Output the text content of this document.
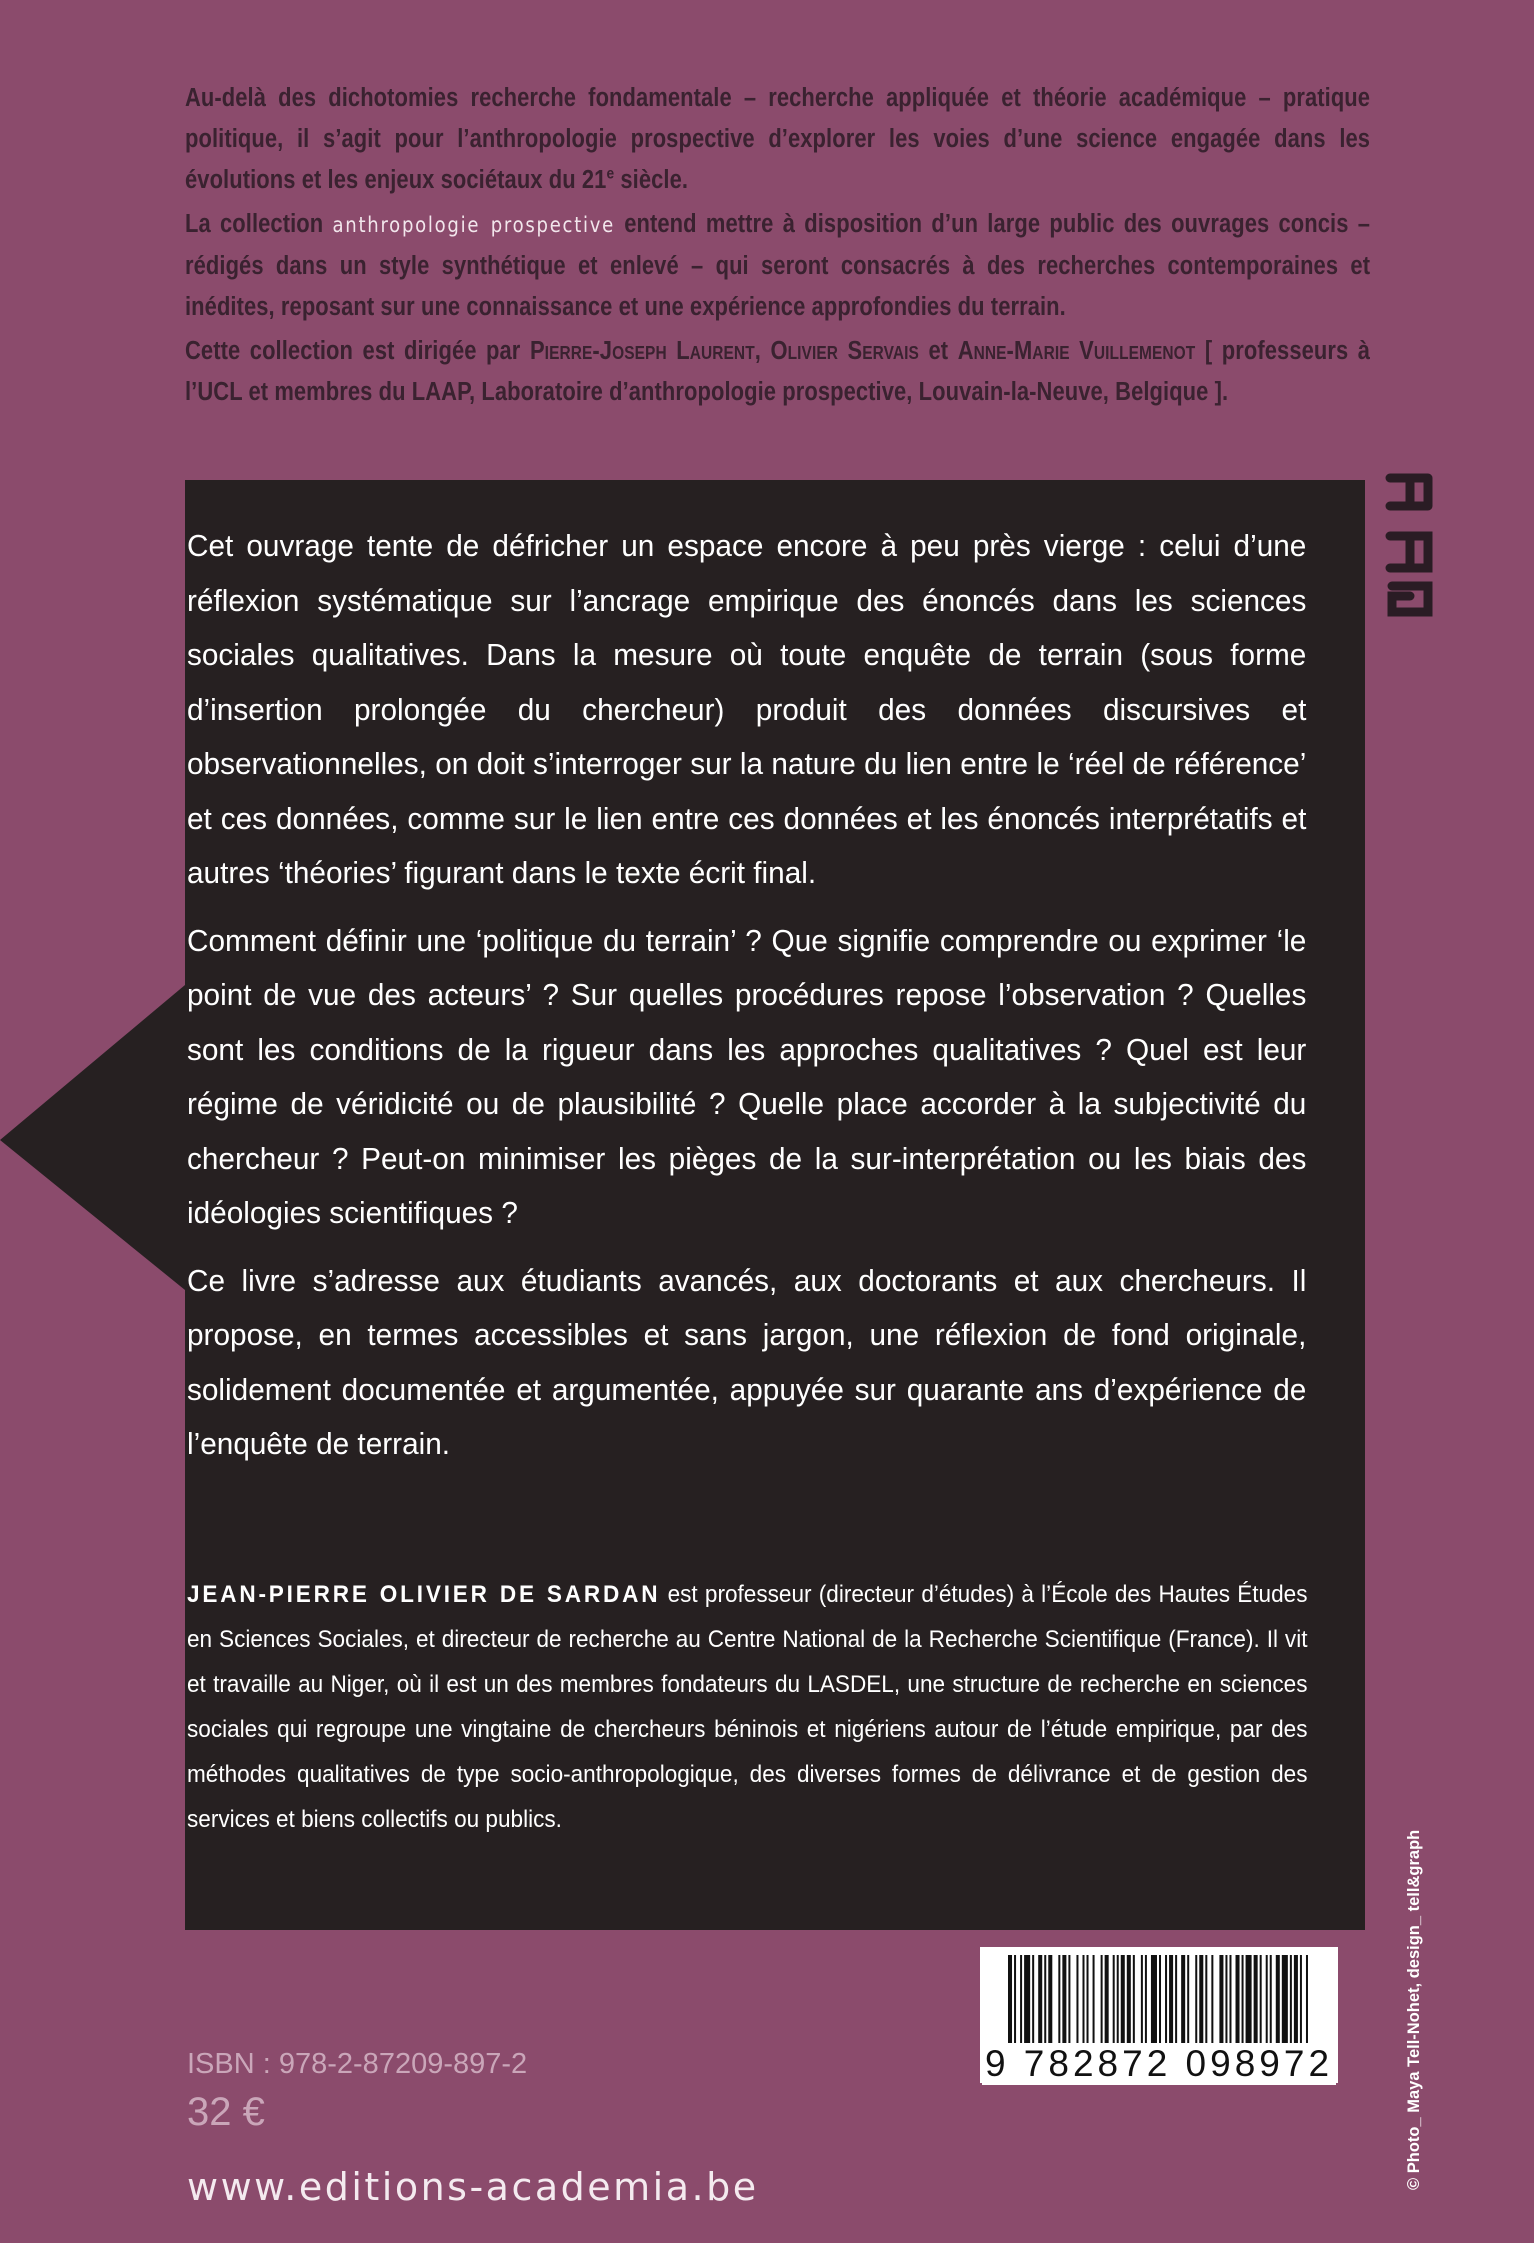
Au-delà des dichotomies recherche fondamentale – recherche appliquée et théorie académique – pratique politique, il s’agit pour l’anthropologie prospective d’explorer les voies d’une science engagée dans les évolutions et les enjeux sociétaux du 21e siècle.

La collection anthropologie prospective entend mettre à disposition d’un large public des ouvrages concis – rédigés dans un style synthétique et enlevé – qui seront consacrés à des recherches contemporaines et inédites, reposant sur une connaissance et une expérience approfondies du terrain.

Cette collection est dirigée par Pierre-Joseph Laurent, Olivier Servais et Anne-Marie Vuillemenot [ professeurs à l’UCL et membres du LAAP, Laboratoire d’anthropologie prospective, Louvain-la-Neuve, Belgique ].

Cet ouvrage tente de défricher un espace encore à peu près vierge : celui d’une réflexion systématique sur l’ancrage empirique des énoncés dans les sciences sociales qualitatives. Dans la mesure où toute enquête de terrain (sous forme d’insertion prolongée du chercheur) produit des données discursives et observationnelles, on doit s’interroger sur la nature du lien entre le ‘réel de référence’ et ces données, comme sur le lien entre ces données et les énoncés interprétatifs et autres ‘théories’ figurant dans le texte écrit final.

Comment définir une ‘politique du terrain’ ? Que signifie comprendre ou exprimer ‘le point de vue des acteurs’ ? Sur quelles procédures repose l’observation ? Quelles sont les conditions de la rigueur dans les approches qualitatives ? Quel est leur régime de véridicité ou de plausibilité ? Quelle place accorder à la subjectivité du chercheur ? Peut-on minimiser les pièges de la sur-interprétation ou les biais des idéologies scientifiques ?

Ce livre s’adresse aux étudiants avancés, aux doctorants et aux chercheurs. Il propose, en termes accessibles et sans jargon, une réflexion de fond originale, solidement documentée et argumentée, appuyée sur quarante ans d’expérience de l’enquête de terrain.

JEAN-PIERRE OLIVIER DE SARDAN est professeur (directeur d’études) à l’École des Hautes Études en Sciences Sociales, et directeur de recherche au Centre National de la Recherche Scientifique (France). Il vit et travaille au Niger, où il est un des membres fondateurs du LASDEL, une structure de recherche en sciences sociales qui regroupe une vingtaine de chercheurs béninois et nigériens autour de l’étude empirique, par des méthodes qualitatives de type socio-anthropologique, des diverses formes de délivrance et de gestion des services et biens collectifs ou publics.

© Photo_ Maya Tell-Nohet, design_ tell&graph
ISBN : 978-2-87209-897-2
32 €
www.editions-academia.be
9 782872 098972
